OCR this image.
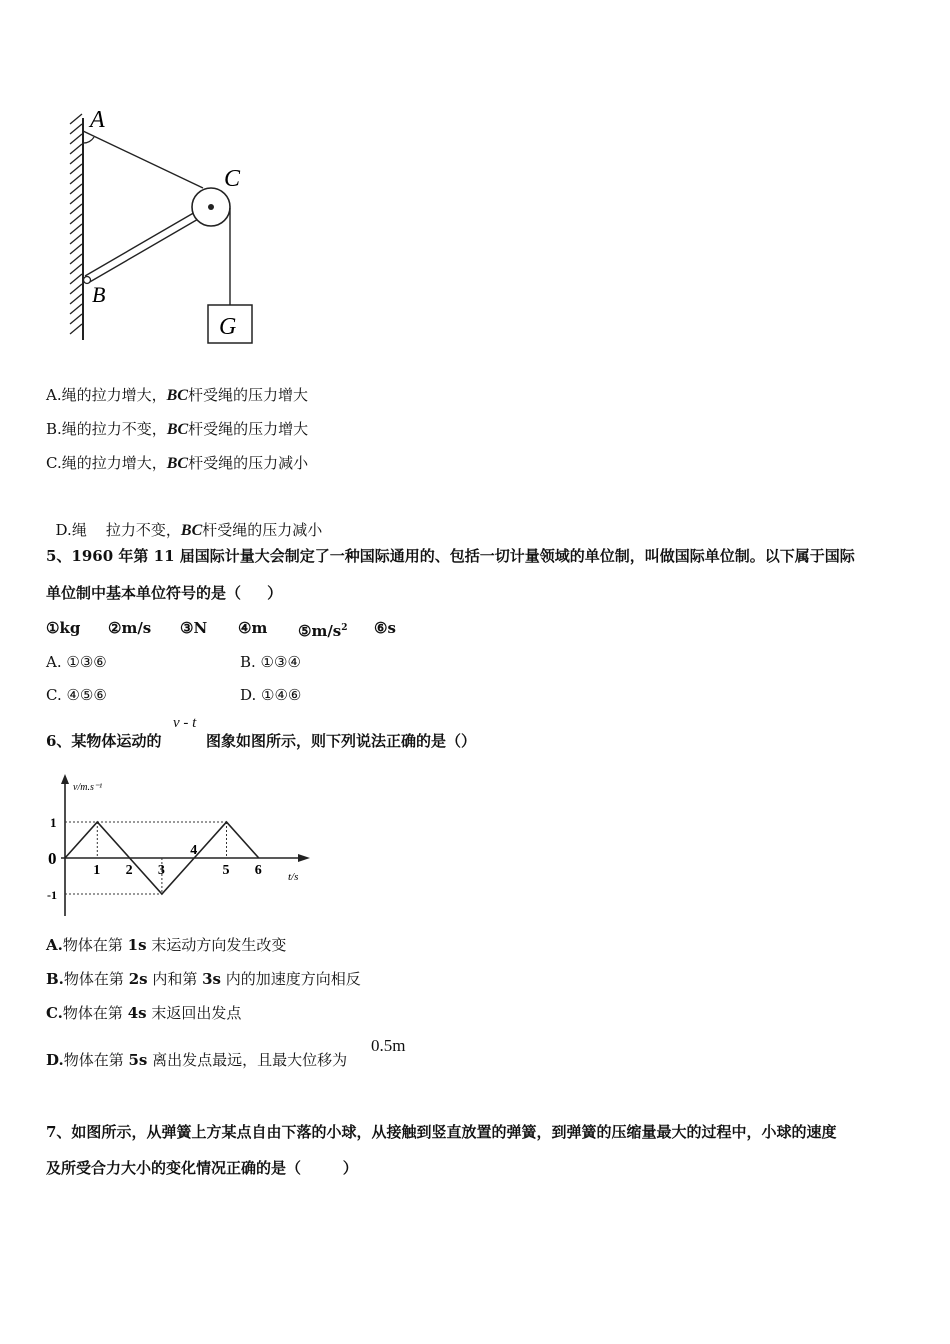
A
C
B
G
A.绳的拉力增大，BC杆受绳的压力增大
B.绳的拉力不变，BC杆受绳的压力增大
C.绳的拉力增大，BC杆受绳的压力减小

D.绳    拉力不变，BC杆受绳的压力减小

5、1960 年第 11 届国际计量大会制定了一种国际通用的、包括一切计量领域的单位制，叫做国际单位制。以下属于国际
单位制中基本单位符号的是（     ）
①kg ②m/s ③N ④m $⑤m/s^2$ ⑥s
A. ①③⑥	B. ①③④
C. ④⑤⑥	D. ①④⑥
6、某物体运动的
v - t
图象如图所示，则下列说法正确的是（）
1
0
-1
1 2 3
4
5 6
v/m.s⁻¹
t/s
A.物体在第 1s 末运动方向发生改变
B.物体在第 2s 内和第 3s 内的加速度方向相反
C.物体在第 4s 末返回出发点
D.物体在第 5s 离出发点最远，且最大位移为
0.5m
7、如图所示，从弹簧上方某点自由下落的小球，从接触到竖直放置的弹簧，到弹簧的压缩量最大的过程中，小球的速度
及所受合力大小的变化情况正确的是（        ）
